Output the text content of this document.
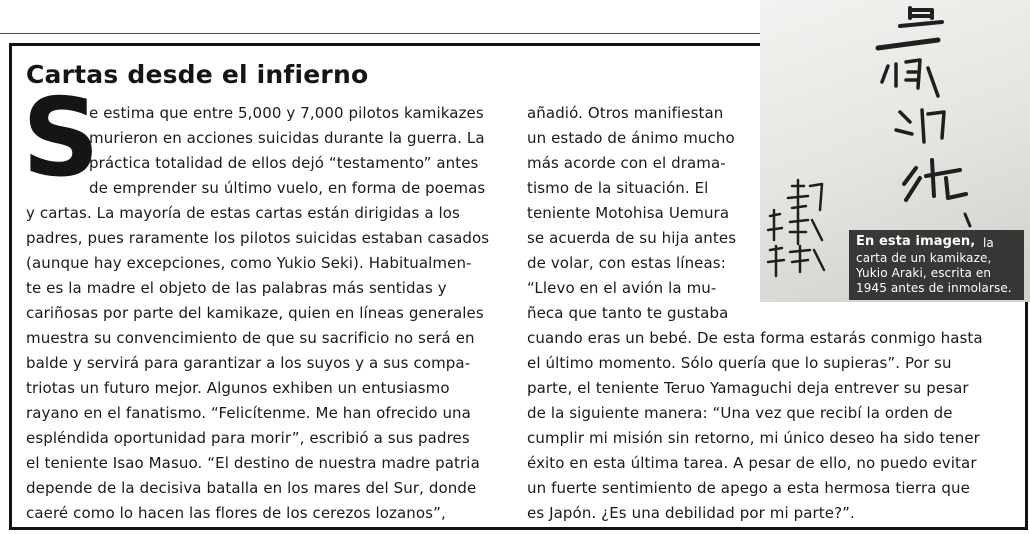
Cartas desde el infierno
S
e estima que entre 5,000 y 7,000 pilotos kamikazes
murieron en acciones suicidas durante la guerra. La
práctica totalidad de ellos dejó “testamento” antes
de emprender su último vuelo, en forma de poemas
y cartas. La mayoría de estas cartas están dirigidas a los
padres, pues raramente los pilotos suicidas estaban casados
(aunque hay excepciones, como Yukio Seki). Habitualmen-
te es la madre el objeto de las palabras más sentidas y
cariñosas por parte del kamikaze, quien en líneas generales
muestra su convencimiento de que su sacrificio no será en
balde y servirá para garantizar a los suyos y a sus compa-
triotas un futuro mejor. Algunos exhiben un entusiasmo
rayano en el fanatismo. “Felicítenme. Me han ofrecido una
espléndida oportunidad para morir”, escribió a sus padres
el teniente Isao Masuo. “El destino de nuestra madre patria
depende de la decisiva batalla en los mares del Sur, donde
caeré como lo hacen las flores de los cerezos lozanos”,
añadió. Otros manifiestan
un estado de ánimo mucho
más acorde con el drama-
tismo de la situación. El
teniente Motohisa Uemura
se acuerda de su hija antes
de volar, con estas líneas:
“Llevo en el avión la mu-
ñeca que tanto te gustaba
cuando eras un bebé. De esta forma estarás conmigo hasta
el último momento. Sólo quería que lo supieras”. Por su
parte, el teniente Teruo Yamaguchi deja entrever su pesar
de la siguiente manera: “Una vez que recibí la orden de
cumplir mi misión sin retorno, mi único deseo ha sido tener
éxito en esta última tarea. A pesar de ello, no puedo evitar
un fuerte sentimiento de apego a esta hermosa tierra que
es Japón. ¿Es una debilidad por mi parte?”.
En esta imagen, la
carta de un kamikaze,
Yukio Araki, escrita en
1945 antes de inmolarse.
